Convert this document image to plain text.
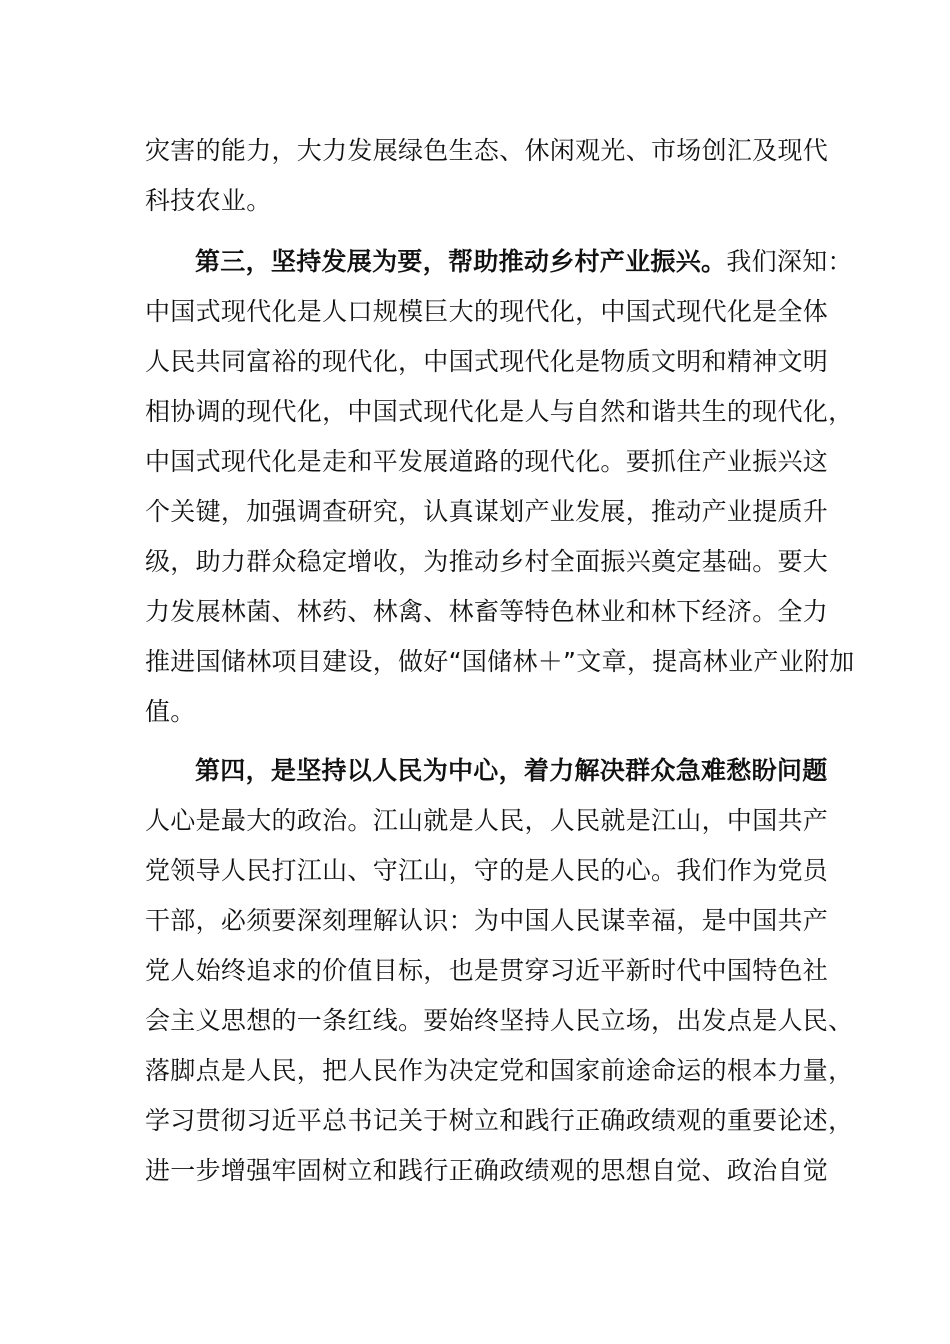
灾害的能力，大力发展绿色生态、休闲观光、市场创汇及现代
科技农业。
第三，坚持发展为要，帮助推动乡村产业振兴。我们深知：
中国式现代化是人口规模巨大的现代化，中国式现代化是全体
人民共同富裕的现代化，中国式现代化是物质文明和精神文明
相协调的现代化，中国式现代化是人与自然和谐共生的现代化，
中国式现代化是走和平发展道路的现代化。要抓住产业振兴这
个关键，加强调查研究，认真谋划产业发展，推动产业提质升
级，助力群众稳定增收，为推动乡村全面振兴奠定基础。要大
力发展林菌、林药、林禽、林畜等特色林业和林下经济。全力
推进国储林项目建设，做好“国储林＋”文章，提高林业产业附加
值。
第四，是坚持以人民为中心，着力解决群众急难愁盼问题
人心是最大的政治。江山就是人民，人民就是江山，中国共产
党领导人民打江山、守江山，守的是人民的心。我们作为党员
干部，必须要深刻理解认识：为中国人民谋幸福，是中国共产
党人始终追求的价值目标，也是贯穿习近平新时代中国特色社
会主义思想的一条红线。要始终坚持人民立场，出发点是人民、
落脚点是人民，把人民作为决定党和国家前途命运的根本力量，
学习贯彻习近平总书记关于树立和践行正确政绩观的重要论述，
进一步增强牢固树立和践行正确政绩观的思想自觉、政治自觉
